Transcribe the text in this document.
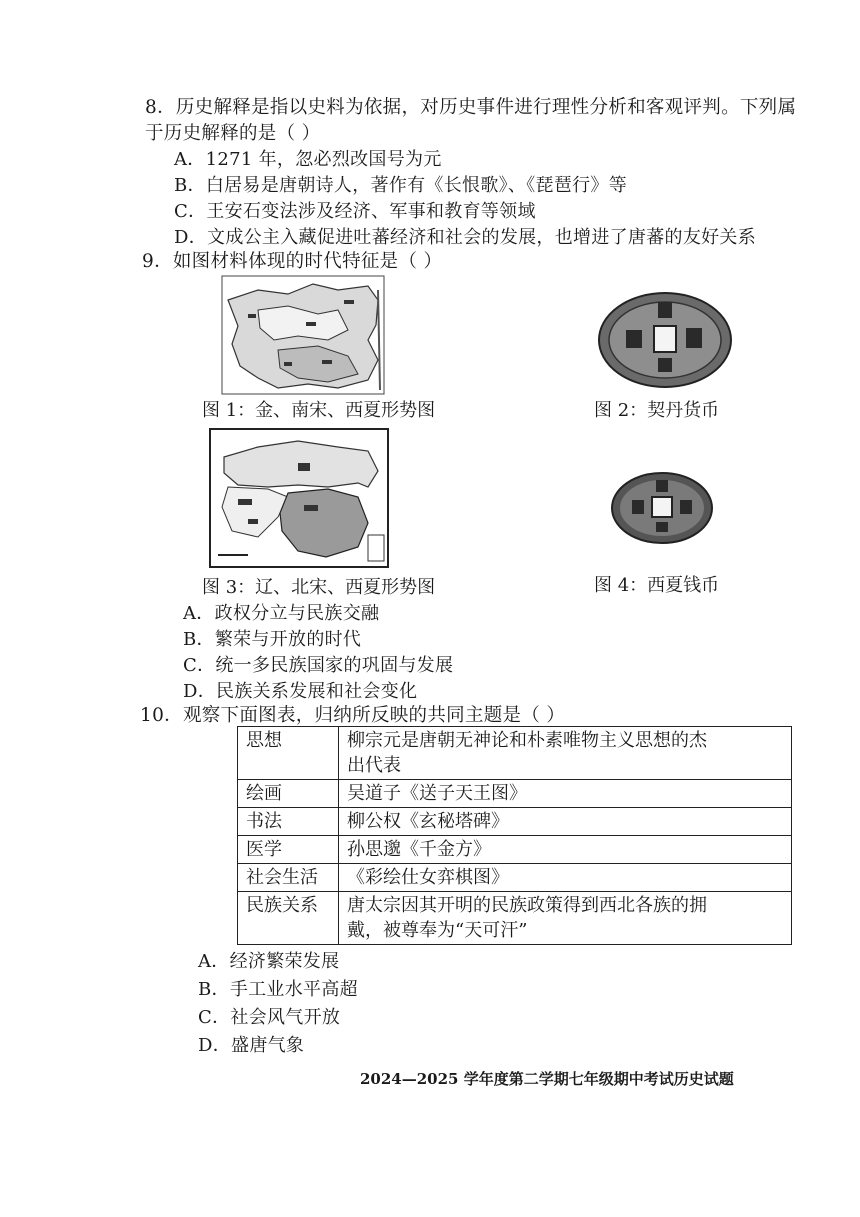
8．历史解释是指以史料为依据，对历史事件进行理性分析和客观评判。下列属
于历史解释的是（ ）
A．1271 年，忽必烈改国号为元
B．白居易是唐朝诗人，著作有《长恨歌》、《琵琶行》等
C．王安石变法涉及经济、军事和教育等领域
D．文成公主入藏促进吐蕃经济和社会的发展，也增进了唐蕃的友好关系
9．如图材料体现的时代特征是（ ）
图 1：金、南宋、西夏形势图	图 2：契丹货币
图 3：辽、北宋、西夏形势图	图 4：西夏钱币
A．政权分立与民族交融
B．繁荣与开放的时代
C．统一多民族国家的巩固与发展
D．民族关系发展和社会变化
10．观察下面图表，归纳所反映的共同主题是（ ）
思想	柳宗元是唐朝无神论和朴素唯物主义思想的杰
出代表

绘画	吴道子《送子天王图》
书法	柳公权《玄秘塔碑》
医学	孙思邈《千金方》
社会生活	《彩绘仕女弈棋图》
民族关系	唐太宗因其开明的民族政策得到西北各族的拥
戴，被尊奉为“天可汗”
A．经济繁荣发展
B．手工业水平高超
C．社会风气开放
D．盛唐气象
2024—2025 学年度第二学期七年级期中考试历史试题
